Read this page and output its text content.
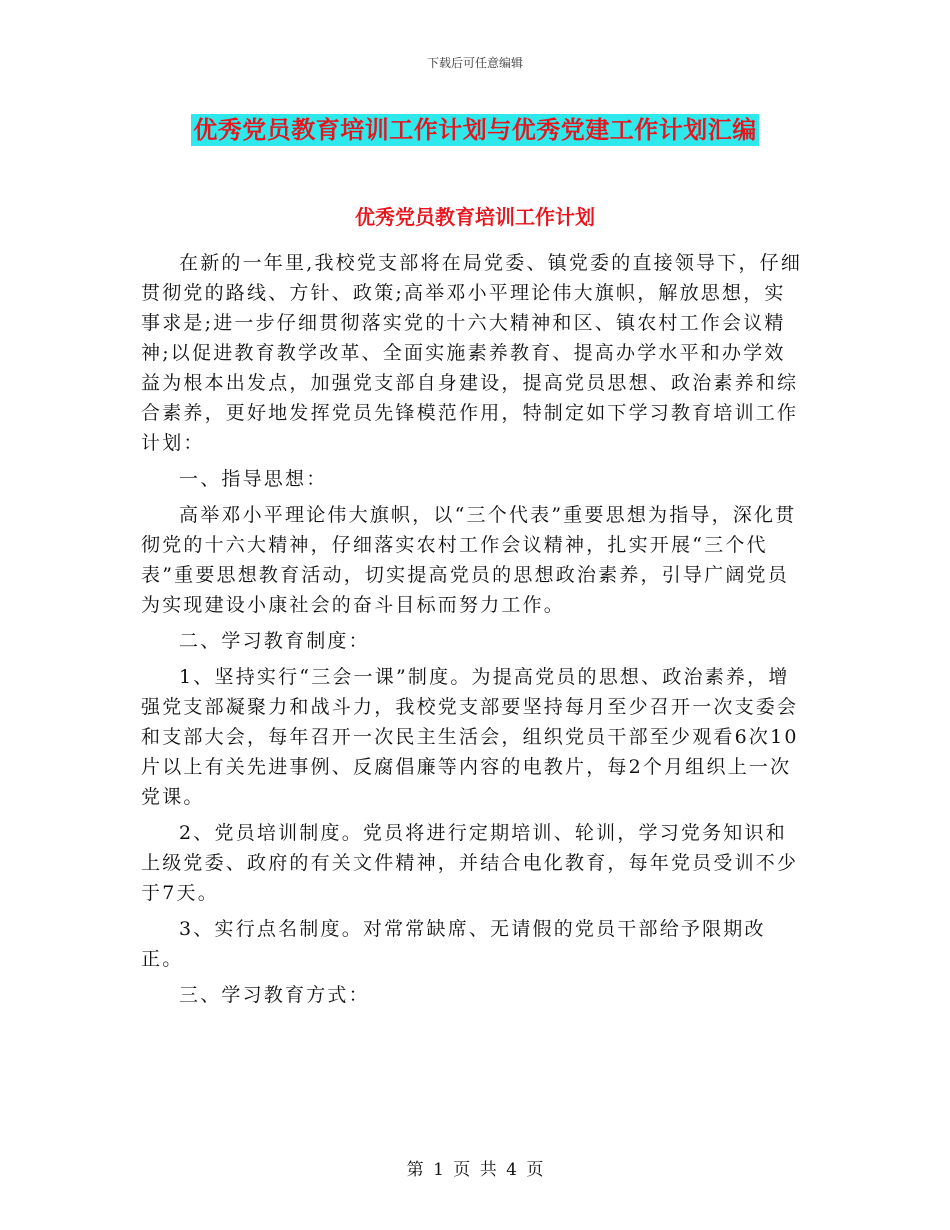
下载后可任意编辑
优秀党员教育培训工作计划与优秀党建工作计划汇编
优秀党员教育培训工作计划

在新的一年里,我校党支部将在局党委、镇党委的直接领导下，仔细贯彻党的路线、方针、政策;高举邓小平理论伟大旗帜，解放思想，实事求是;进一步仔细贯彻落实党的十六大精神和区、镇农村工作会议精神;以促进教育教学改革、全面实施素养教育、提高办学水平和办学效益为根本出发点，加强党支部自身建设，提高党员思想、政治素养和综合素养，更好地发挥党员先锋模范作用，特制定如下学习教育培训工作计划：

一、指导思想：

高举邓小平理论伟大旗帜，以“三个代表”重要思想为指导，深化贯彻党的十六大精神，仔细落实农村工作会议精神，扎实开展“三个代表”重要思想教育活动，切实提高党员的思想政治素养，引导广阔党员为实现建设小康社会的奋斗目标而努力工作。

二、学习教育制度：

1、坚持实行“三会一课”制度。为提高党员的思想、政治素养，增强党支部凝聚力和战斗力，我校党支部要坚持每月至少召开一次支委会和支部大会，每年召开一次民主生活会，组织党员干部至少观看6次10片以上有关先进事例、反腐倡廉等内容的电教片，每2个月组织上一次党课。

2、党员培训制度。党员将进行定期培训、轮训，学习党务知识和上级党委、政府的有关文件精神，并结合电化教育，每年党员受训不少于7天。

3、实行点名制度。对常常缺席、无请假的党员干部给予限期改正。

三、学习教育方式：

第 1 页 共 4 页
